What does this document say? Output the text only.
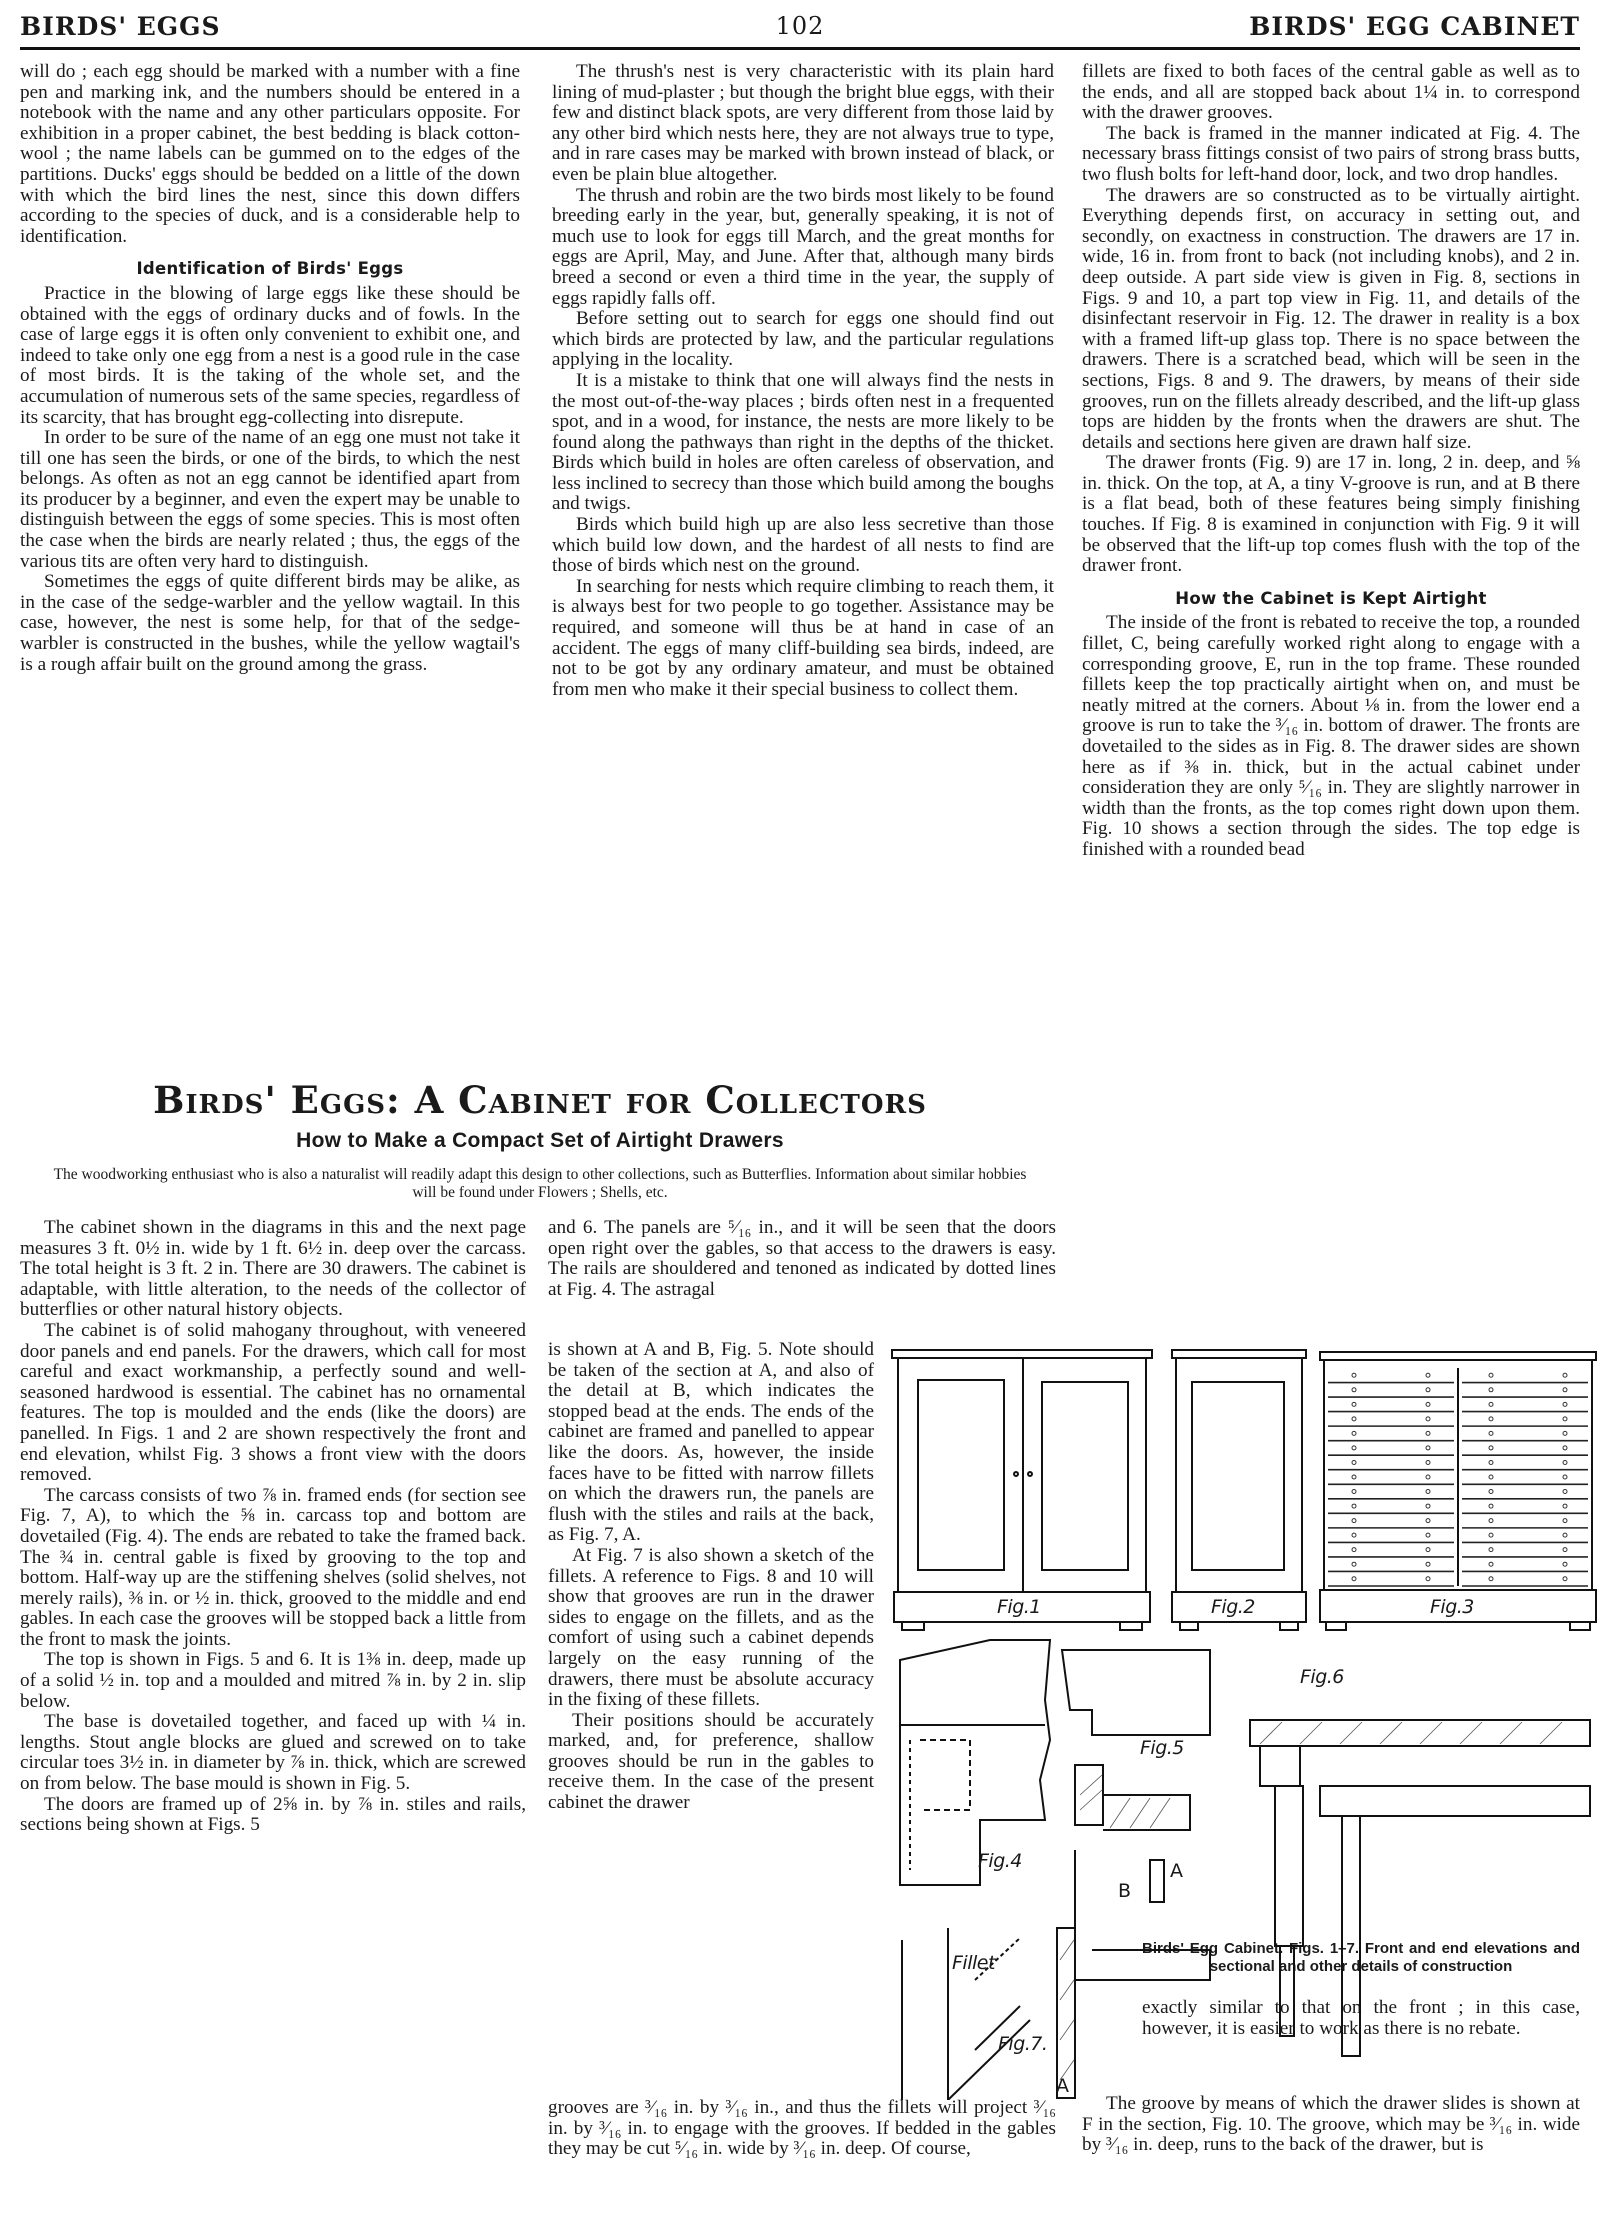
BIRDS' EGGS	102	BIRDS' EGG CABINET

will do ; each egg should be marked with a number with a fine pen and marking ink, and the numbers should be entered in a notebook with the name and any other particulars opposite. For exhibition in a proper cabinet, the best bedding is black cotton-wool ; the name labels can be gummed on to the edges of the partitions. Ducks' eggs should be bedded on a little of the down with which the bird lines the nest, since this down differs according to the species of duck, and is a considerable help to identification.

Identification of Birds' Eggs

Practice in the blowing of large eggs like these should be obtained with the eggs of ordinary ducks and of fowls. In the case of large eggs it is often only convenient to exhibit one, and indeed to take only one egg from a nest is a good rule in the case of most birds. It is the taking of the whole set, and the accumulation of numerous sets of the same species, regardless of its scarcity, that has brought egg-collecting into disrepute.

In order to be sure of the name of an egg one must not take it till one has seen the birds, or one of the birds, to which the nest belongs. As often as not an egg cannot be identified apart from its producer by a beginner, and even the expert may be unable to distinguish between the eggs of some species. This is most often the case when the birds are nearly related ; thus, the eggs of the various tits are often very hard to distinguish.

Sometimes the eggs of quite different birds may be alike, as in the case of the sedge-warbler and the yellow wagtail. In this case, however, the nest is some help, for that of the sedge-warbler is constructed in the bushes, while the yellow wagtail's is a rough affair built on the ground among the grass.

The thrush's nest is very characteristic with its plain hard lining of mud-plaster ; but though the bright blue eggs, with their few and distinct black spots, are very different from those laid by any other bird which nests here, they are not always true to type, and in rare cases may be marked with brown instead of black, or even be plain blue altogether.

The thrush and robin are the two birds most likely to be found breeding early in the year, but, generally speaking, it is not of much use to look for eggs till March, and the great months for eggs are April, May, and June. After that, although many birds breed a second or even a third time in the year, the supply of eggs rapidly falls off.

Before setting out to search for eggs one should find out which birds are protected by law, and the particular regulations applying in the locality.

It is a mistake to think that one will always find the nests in the most out-of-the-way places ; birds often nest in a frequented spot, and in a wood, for instance, the nests are more likely to be found along the pathways than right in the depths of the thicket. Birds which build in holes are often careless of observation, and less inclined to secrecy than those which build among the boughs and twigs.

Birds which build high up are also less secretive than those which build low down, and the hardest of all nests to find are those of birds which nest on the ground.

In searching for nests which require climbing to reach them, it is always best for two people to go together. Assistance may be required, and someone will thus be at hand in case of an accident. The eggs of many cliff-building sea birds, indeed, are not to be got by any ordinary amateur, and must be obtained from men who make it their special business to collect them.

fillets are fixed to both faces of the central gable as well as to the ends, and all are stopped back about 1¼ in. to correspond with the drawer grooves.

The back is framed in the manner indicated at Fig. 4. The necessary brass fittings consist of two pairs of strong brass butts, two flush bolts for left-hand door, lock, and two drop handles.

The drawers are so constructed as to be virtually airtight. Everything depends first, on accuracy in setting out, and secondly, on exactness in construction. The drawers are 17 in. wide, 16 in. from front to back (not including knobs), and 2 in. deep outside. A part side view is given in Fig. 8, sections in Figs. 9 and 10, a part top view in Fig. 11, and details of the disinfectant reservoir in Fig. 12. The drawer in reality is a box with a framed lift-up glass top. There is no space between the drawers. There is a scratched bead, which will be seen in the sections, Figs. 8 and 9. The drawers, by means of their side grooves, run on the fillets already described, and the lift-up glass tops are hidden by the fronts when the drawers are shut. The details and sections here given are drawn half size.

The drawer fronts (Fig. 9) are 17 in. long, 2 in. deep, and ⅝ in. thick. On the top, at A, a tiny V-groove is run, and at B there is a flat bead, both of these features being simply finishing touches. If Fig. 8 is examined in conjunction with Fig. 9 it will be observed that the lift-up top comes flush with the top of the drawer front.

How the Cabinet is Kept Airtight

The inside of the front is rebated to receive the top, a rounded fillet, C, being carefully worked right along to engage with a corresponding groove, E, run in the top frame. These rounded fillets keep the top practically airtight when on, and must be neatly mitred at the corners. About ⅛ in. from the lower end a groove is run to take the ³⁄₁₆ in. bottom of drawer. The fronts are dovetailed to the sides as in Fig. 8. The drawer sides are shown here as if ⅜ in. thick, but in the actual cabinet under consideration they are only ⁵⁄₁₆ in. They are slightly narrower in width than the fronts, as the top comes right down upon them. Fig. 10 shows a section through the sides. The top edge is finished with a rounded bead

Birds' Eggs: A Cabinet for Collectors
How to Make a Compact Set of Airtight Drawers

The woodworking enthusiast who is also a naturalist will readily adapt this design to other collections, such as Butterflies. Information about similar hobbies will be found under Flowers ; Shells, etc.

The cabinet shown in the diagrams in this and the next page measures 3 ft. 0½ in. wide by 1 ft. 6½ in. deep over the carcass. The total height is 3 ft. 2 in. There are 30 drawers. The cabinet is adaptable, with little alteration, to the needs of the collector of butterflies or other natural history objects.

The cabinet is of solid mahogany throughout, with veneered door panels and end panels. For the drawers, which call for most careful and exact workmanship, a perfectly sound and well-seasoned hardwood is essential. The cabinet has no ornamental features. The top is moulded and the ends (like the doors) are panelled. In Figs. 1 and 2 are shown respectively the front and end elevation, whilst Fig. 3 shows a front view with the doors removed.

The carcass consists of two ⅞ in. framed ends (for section see Fig. 7, A), to which the ⅝ in. carcass top and bottom are dovetailed (Fig. 4). The ends are rebated to take the framed back. The ¾ in. central gable is fixed by grooving to the top and bottom. Half-way up are the stiffening shelves (solid shelves, not merely rails), ⅜ in. or ½ in. thick, grooved to the middle and end gables. In each case the grooves will be stopped back a little from the front to mask the joints.

The top is shown in Figs. 5 and 6. It is 1⅜ in. deep, made up of a solid ½ in. top and a moulded and mitred ⅞ in. by 2 in. slip below.

The base is dovetailed together, and faced up with ¼ in. lengths. Stout angle blocks are glued and screwed on to take circular toes 3½ in. in diameter by ⅞ in. thick, which are screwed on from below. The base mould is shown in Fig. 5.

The doors are framed up of 2⅝ in. by ⅞ in. stiles and rails, sections being shown at Figs. 5

and 6. The panels are ⁵⁄₁₆ in., and it will be seen that the doors open right over the gables, so that access to the drawers is easy. The rails are shouldered and tenoned as indicated by dotted lines at Fig. 4. The astragal

is shown at A and B, Fig. 5. Note should be taken of the section at A, and also of the detail at B, which indicates the stopped bead at the ends. The ends of the cabinet are framed and panelled to appear like the doors. As, however, the inside faces have to be fitted with narrow fillets on which the drawers run, the panels are flush with the stiles and rails at the back, as Fig. 7, A.

At Fig. 7 is also shown a sketch of the fillets. A reference to Figs. 8 and 10 will show that grooves are run in the drawer sides to engage on the fillets, and as the comfort of using such a cabinet depends largely on the easy running of the drawers, there must be absolute accuracy in the fixing of these fillets.

Their positions should be accurately marked, and, for preference, shallow grooves should be run in the gables to receive them. In the case of the present cabinet the drawer

grooves are ³⁄₁₆ in. by ³⁄₁₆ in., and thus the fillets will project ³⁄₁₆ in. by ³⁄₁₆ in. to engage with the grooves. If bedded in the gables they may be cut ⁵⁄₁₆ in. wide by ³⁄₁₆ in. deep. Of course,

Birds' Egg Cabinet. Figs. 1–7. Front and end elevations and sectional and other details of construction

exactly similar to that on the front ; in this case, however, it is easier to work as there is no rebate.

The groove by means of which the drawer slides is shown at F in the section, Fig. 10. The groove, which may be ³⁄₁₆ in. wide by ³⁄₁₆ in. deep, runs to the back of the drawer, but is

Fig.1	Fig.2	Fig.3
Fig.4
Fig.5
Fig.6
Fig.7.
Fillet
B
A
A
